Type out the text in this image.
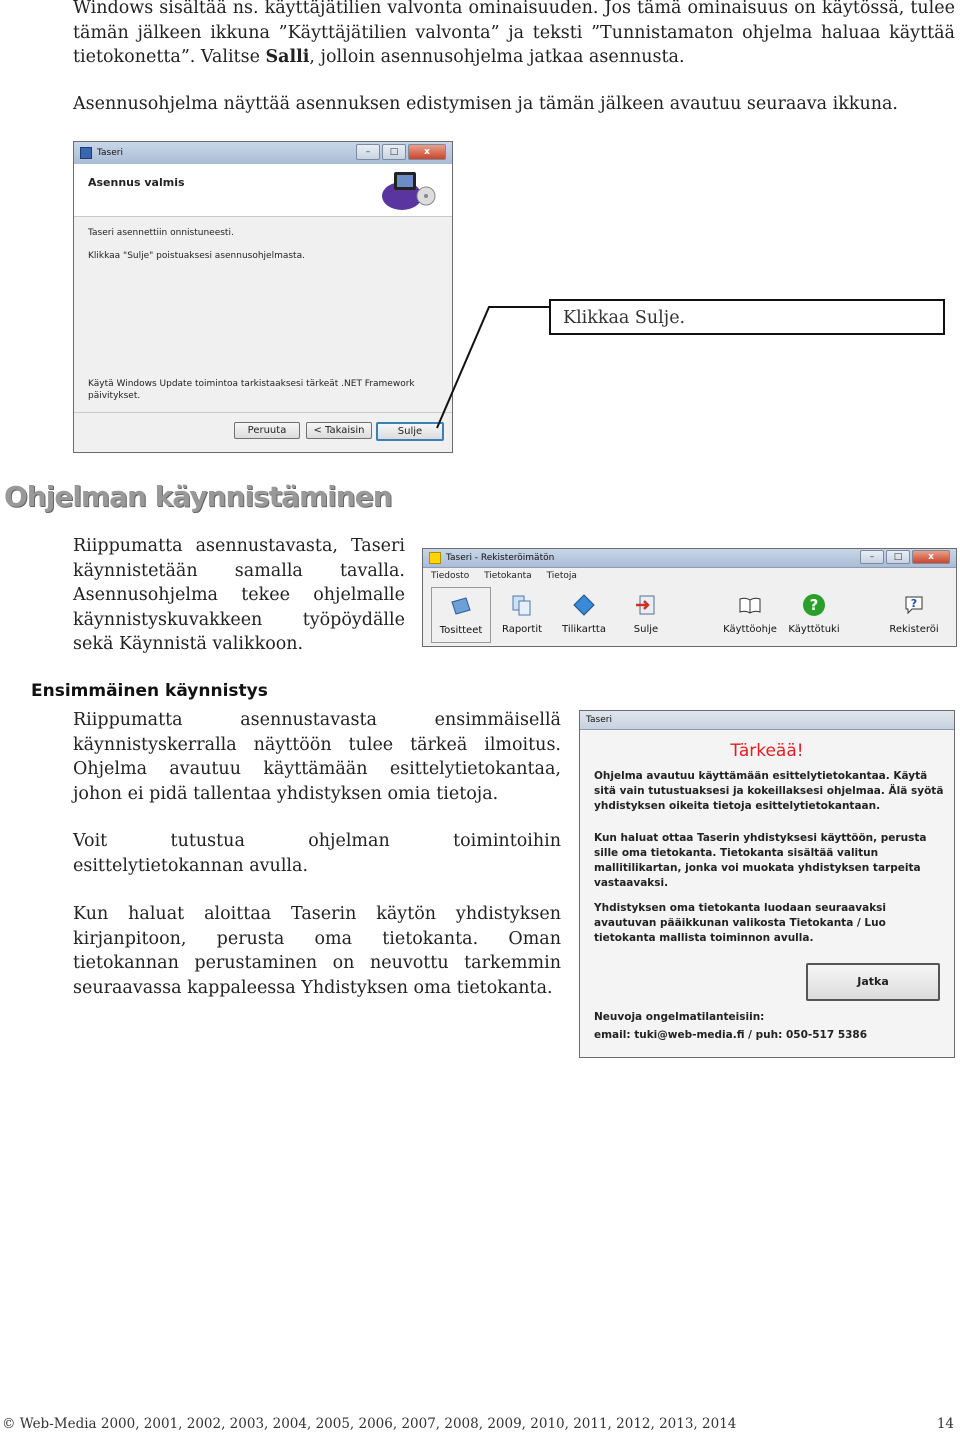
Windows sisältää ns. käyttäjätilien valvonta ominaisuuden. Jos tämä ominaisuus on käytössä, tulee tämän jälkeen ikkuna ”Käyttäjätilien valvonta” ja teksti ”Tunnistamaton ohjelma haluaa käyttää tietokonetta”. Valitse Salli, jolloin asennusohjelma jatkaa asennusta.

Asennusohjelma näyttää asennuksen edistymisen ja tämän jälkeen avautuu seuraava ikkuna.

Taseri	–	□	x
Asennus valmis
Taseri asennettiin onnistuneesti.
Klikkaa "Sulje" poistuaksesi asennusohjelmasta.
Käytä Windows Update toimintoa tarkistaaksesi tärkeät .NET Framework päivitykset.
Peruuta	< Takaisin	Sulje
Klikkaa Sulje.
Ohjelman käynnistäminen

Riippumatta asennustavasta, Taseri käynnistetään samalla tavalla. Asennusohjelma tekee ohjelmalle käynnistyskuvakkeen työpöydälle sekä Käynnistä valikkoon.

Taseri - Rekisteröimätön	–	□	x
Tiedosto Tietokanta Tietoja
Tositteet	Raportit	Tilikartta	Sulje	Käyttöohje
?
Käyttötuki
?
Rekisteröi
Ensimmäinen käynnistys

Riippumatta asennustavasta ensimmäisellä käynnistyskerralla näyttöön tulee tärkeä ilmoitus. Ohjelma avautuu käyttämään esittelytietokantaa, johon ei pidä tallentaa yhdistyksen omia tietoja.

Voit tutustua ohjelman toimintoihin esittelytietokannan avulla.

Kun haluat aloittaa Taserin käytön yhdistyksen kirjanpitoon, perusta oma tietokanta. Oman tietokannan perustaminen on neuvottu tarkemmin seuraavassa kappaleessa Yhdistyksen oma tietokanta.

Taseri
Tärkeää!
Ohjelma avautuu käyttämään esittelytietokantaa. Käytä sitä vain tutustuaksesi ja kokeillaksesi ohjelmaa. Älä syötä yhdistyksen oikeita tietoja esittelytietokantaan.
Kun haluat ottaa Taserin yhdistyksesi käyttöön, perusta sille oma tietokanta. Tietokanta sisältää valitun mallitilikartan, jonka voi muokata yhdistyksen tarpeita vastaavaksi.
Yhdistyksen oma tietokanta luodaan seuraavaksi avautuvan pääikkunan valikosta Tietokanta / Luo tietokanta mallista toiminnon avulla.
Jatka
Neuvoja ongelmatilanteisiin:
email: tuki@web-media.fi / puh: 050-517 5386
© Web-Media 2000, 2001, 2002, 2003, 2004, 2005, 2006, 2007, 2008, 2009, 2010, 2011, 2012, 2013, 2014	14
